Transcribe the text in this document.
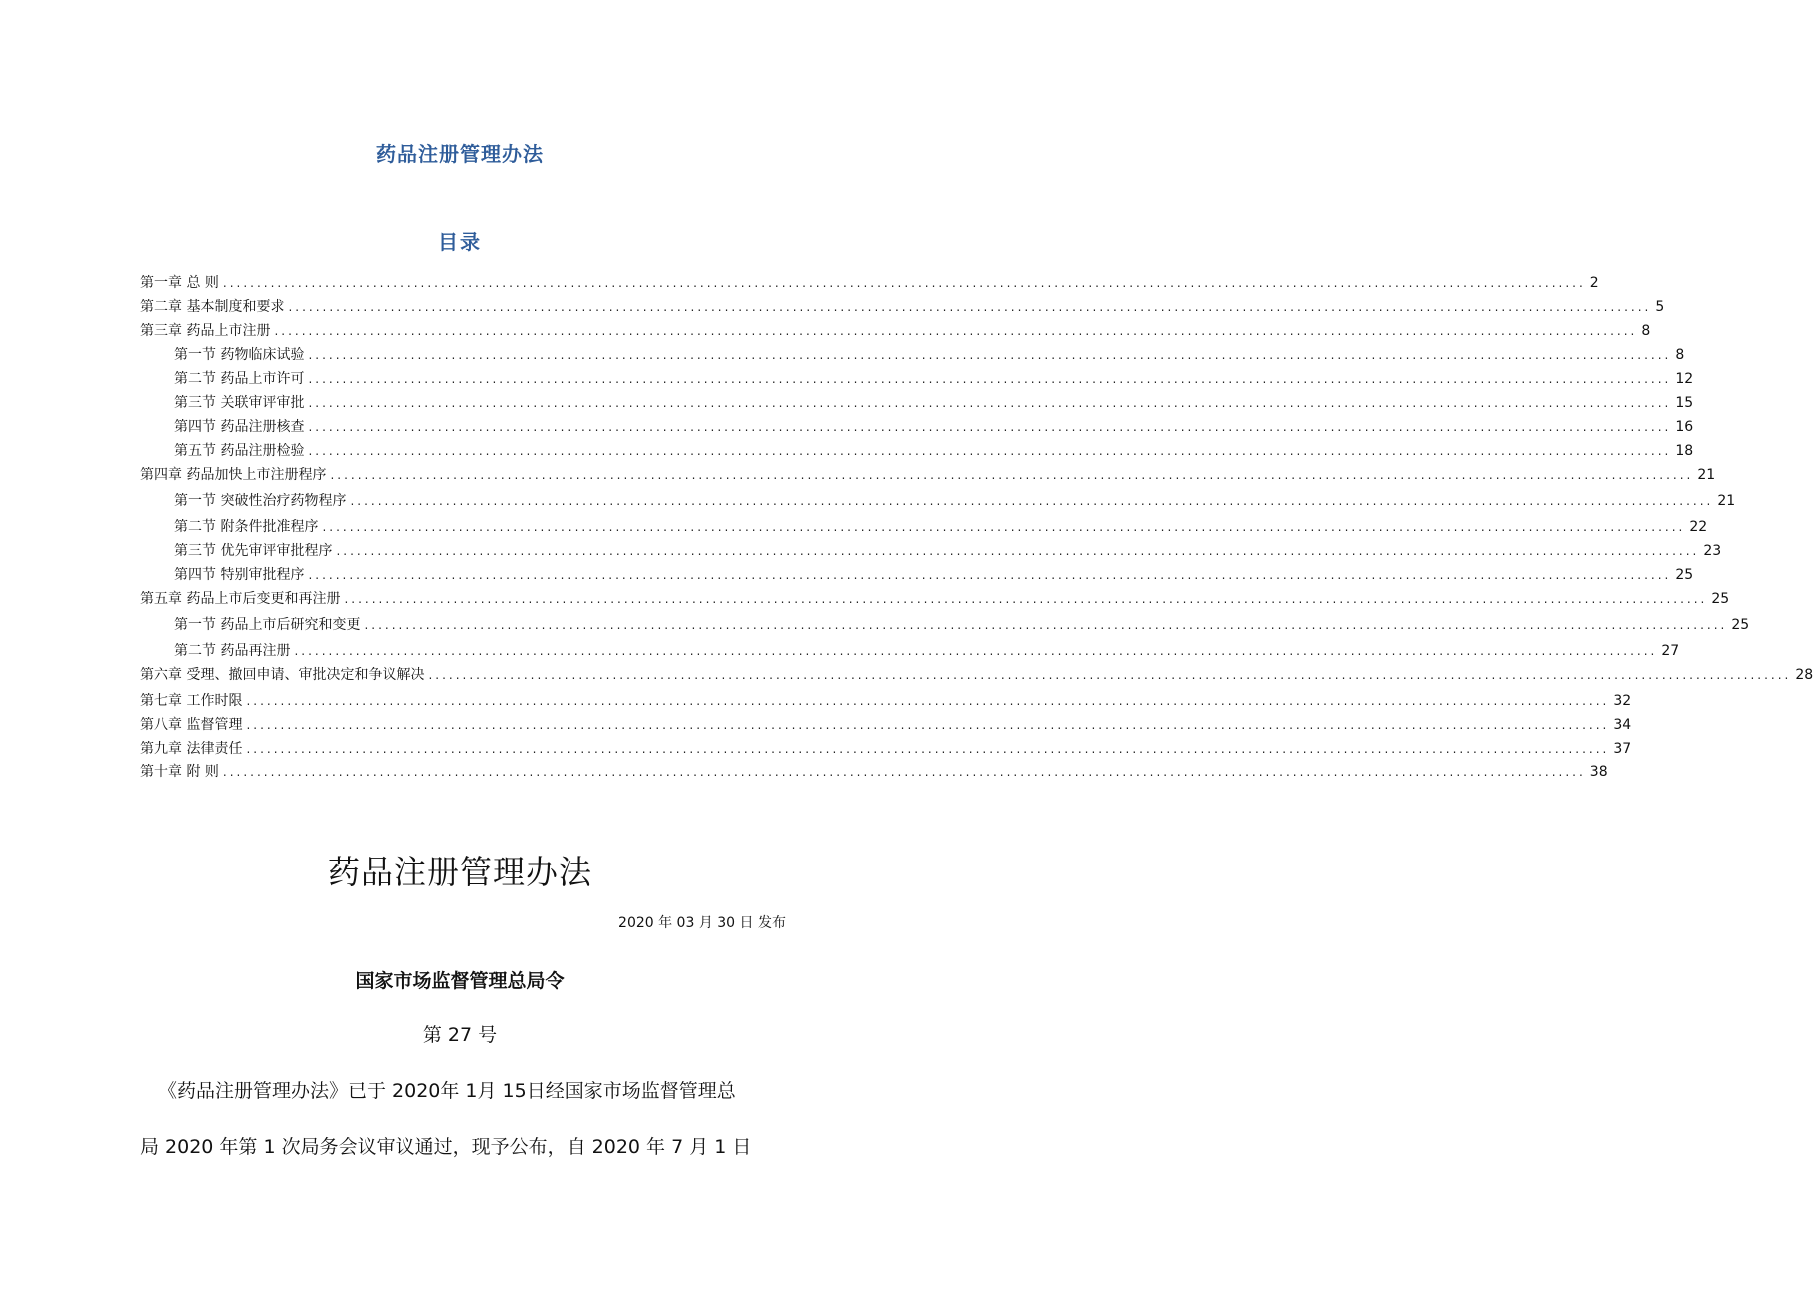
药品注册管理办法
目录
第一章 总 则 ........................................................................................................................................................................................................ 2
第二章 基本制度和要求 ........................................................................................................................................................................................................ 5
第三章 药品上市注册 ........................................................................................................................................................................................................ 8
第一节 药物临床试验 ........................................................................................................................................................................................................ 8
第二节 药品上市许可 ........................................................................................................................................................................................................ 12
第三节 关联审评审批 ........................................................................................................................................................................................................ 15
第四节 药品注册核查 ........................................................................................................................................................................................................ 16
第五节 药品注册检验 ........................................................................................................................................................................................................ 18
第四章 药品加快上市注册程序 ........................................................................................................................................................................................................ 21
第一节 突破性治疗药物程序 ........................................................................................................................................................................................................ 21
第二节 附条件批准程序 ........................................................................................................................................................................................................ 22
第三节 优先审评审批程序 ........................................................................................................................................................................................................ 23
第四节 特别审批程序 ........................................................................................................................................................................................................ 25
第五章 药品上市后变更和再注册 ........................................................................................................................................................................................................ 25
第一节 药品上市后研究和变更 ........................................................................................................................................................................................................ 25
第二节 药品再注册 ........................................................................................................................................................................................................ 27
第六章 受理、撤回申请、审批决定和争议解决 ........................................................................................................................................................................................................ 28
第七章 工作时限 ........................................................................................................................................................................................................ 32
第八章 监督管理 ........................................................................................................................................................................................................ 34
第九章 法律责任 ........................................................................................................................................................................................................ 37
第十章 附 则 ........................................................................................................................................................................................................ 38
药品注册管理办法
2020 年 03 月 30 日 发布
国家市场监督管理总局令
第 27 号
《药品注册管理办法》已于 2020年 1月 15日经国家市场监督管理总
局 2020 年第 1 次局务会议审议通过，现予公布，自 2020 年 7 月 1 日
